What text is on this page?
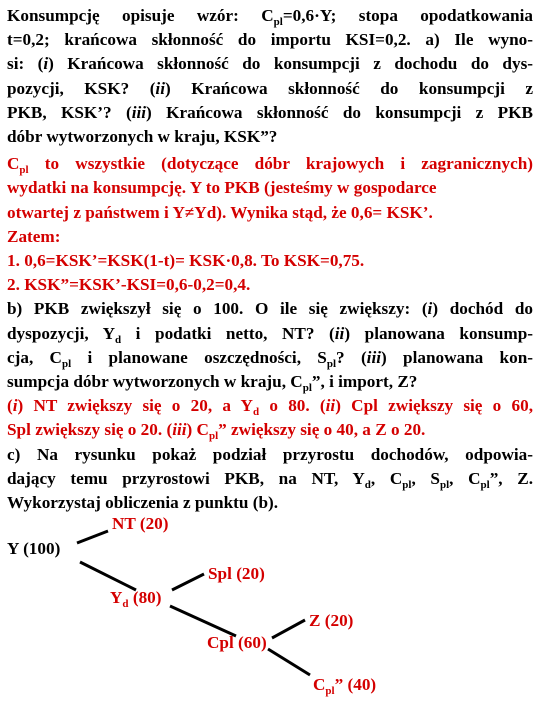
Konsumpcję opisuje wzór: $C_{pl}=0,6\cdot Y$; stopa opodatkowania
t=0,2; krańcowa skłonność do importu KSI=0,2. a) Ile wyno-
si: (i) Krańcowa skłonność do konsumpcji z dochodu do dys-
pozycji, KSK? (ii) Krańcowa skłonność do konsumpcji z
PKB, KSK’? (iii) Krańcowa skłonność do konsumpcji z PKB
dóbr wytworzonych w kraju, KSK”?
$C_{pl}$ to wszystkie (dotyczące dóbr krajowych i zagranicznych)
wydatki na konsumpcję. Y to PKB (jesteśmy w gospodarce
otwartej z państwem i Y≠Yd). Wynika stąd, że 0,6= KSK’.
Zatem:
1. 0,6=KSK’=KSK(1-t)= KSK·0,8. To KSK=0,75.
2. KSK”=KSK’-KSI=0,6-0,2=0,4.
b) PKB zwiększył się o 100. O ile się zwiększy: (i) dochód do
dyspozycji, $Y_d$ i podatki netto, NT? (ii) planowana konsump-
cja, $C_{pl}$ i planowane oszczędności, $S_{pl}$? (iii) planowana kon-
sumpcja dóbr wytworzonych w kraju, $C_{pl}$”, i import, Z?
(i) NT zwiększy się o 20, a $Y_d$ o 80. (ii) Cpl zwiększy się o 60,
Spl zwiększy się o 20. (iii) $C_{pl}$” zwiększy się o 40, a Z o 20.
c) Na rysunku pokaż podział przyrostu dochodów, odpowia-
dający temu przyrostowi PKB, na NT, $Y_d$, $C_{pl}$, $S_{pl}$, $C_{pl}$”, Z.
Wykorzystaj obliczenia z punktu (b).
NT (20)
Y (100)
Spl (20)
$Y_d$ (80)
Z (20)
Cpl (60)
$C_{pl}$” (40)
